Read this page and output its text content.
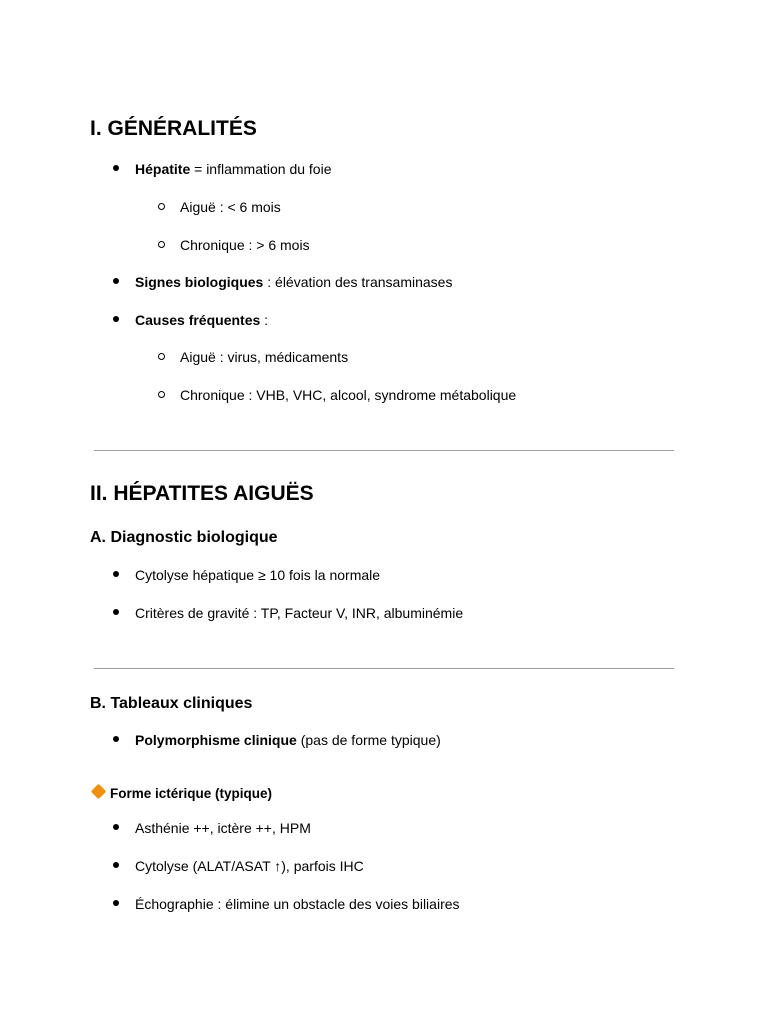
I. GÉNÉRALITÉS
Hépatite = inflammation du foie
Aiguë : < 6 mois
Chronique : > 6 mois
Signes biologiques : élévation des transaminases
Causes fréquentes :
Aiguë : virus, médicaments
Chronique : VHB, VHC, alcool, syndrome métabolique
II. HÉPATITES AIGUËS
A. Diagnostic biologique
Cytolyse hépatique ≥ 10 fois la normale
Critères de gravité : TP, Facteur V, INR, albuminémie
B. Tableaux cliniques
Polymorphisme clinique (pas de forme typique)
Forme ictérique (typique)
Asthénie ++, ictère ++, HPM
Cytolyse (ALAT/ASAT ↑), parfois IHC
Échographie : élimine un obstacle des voies biliaires
